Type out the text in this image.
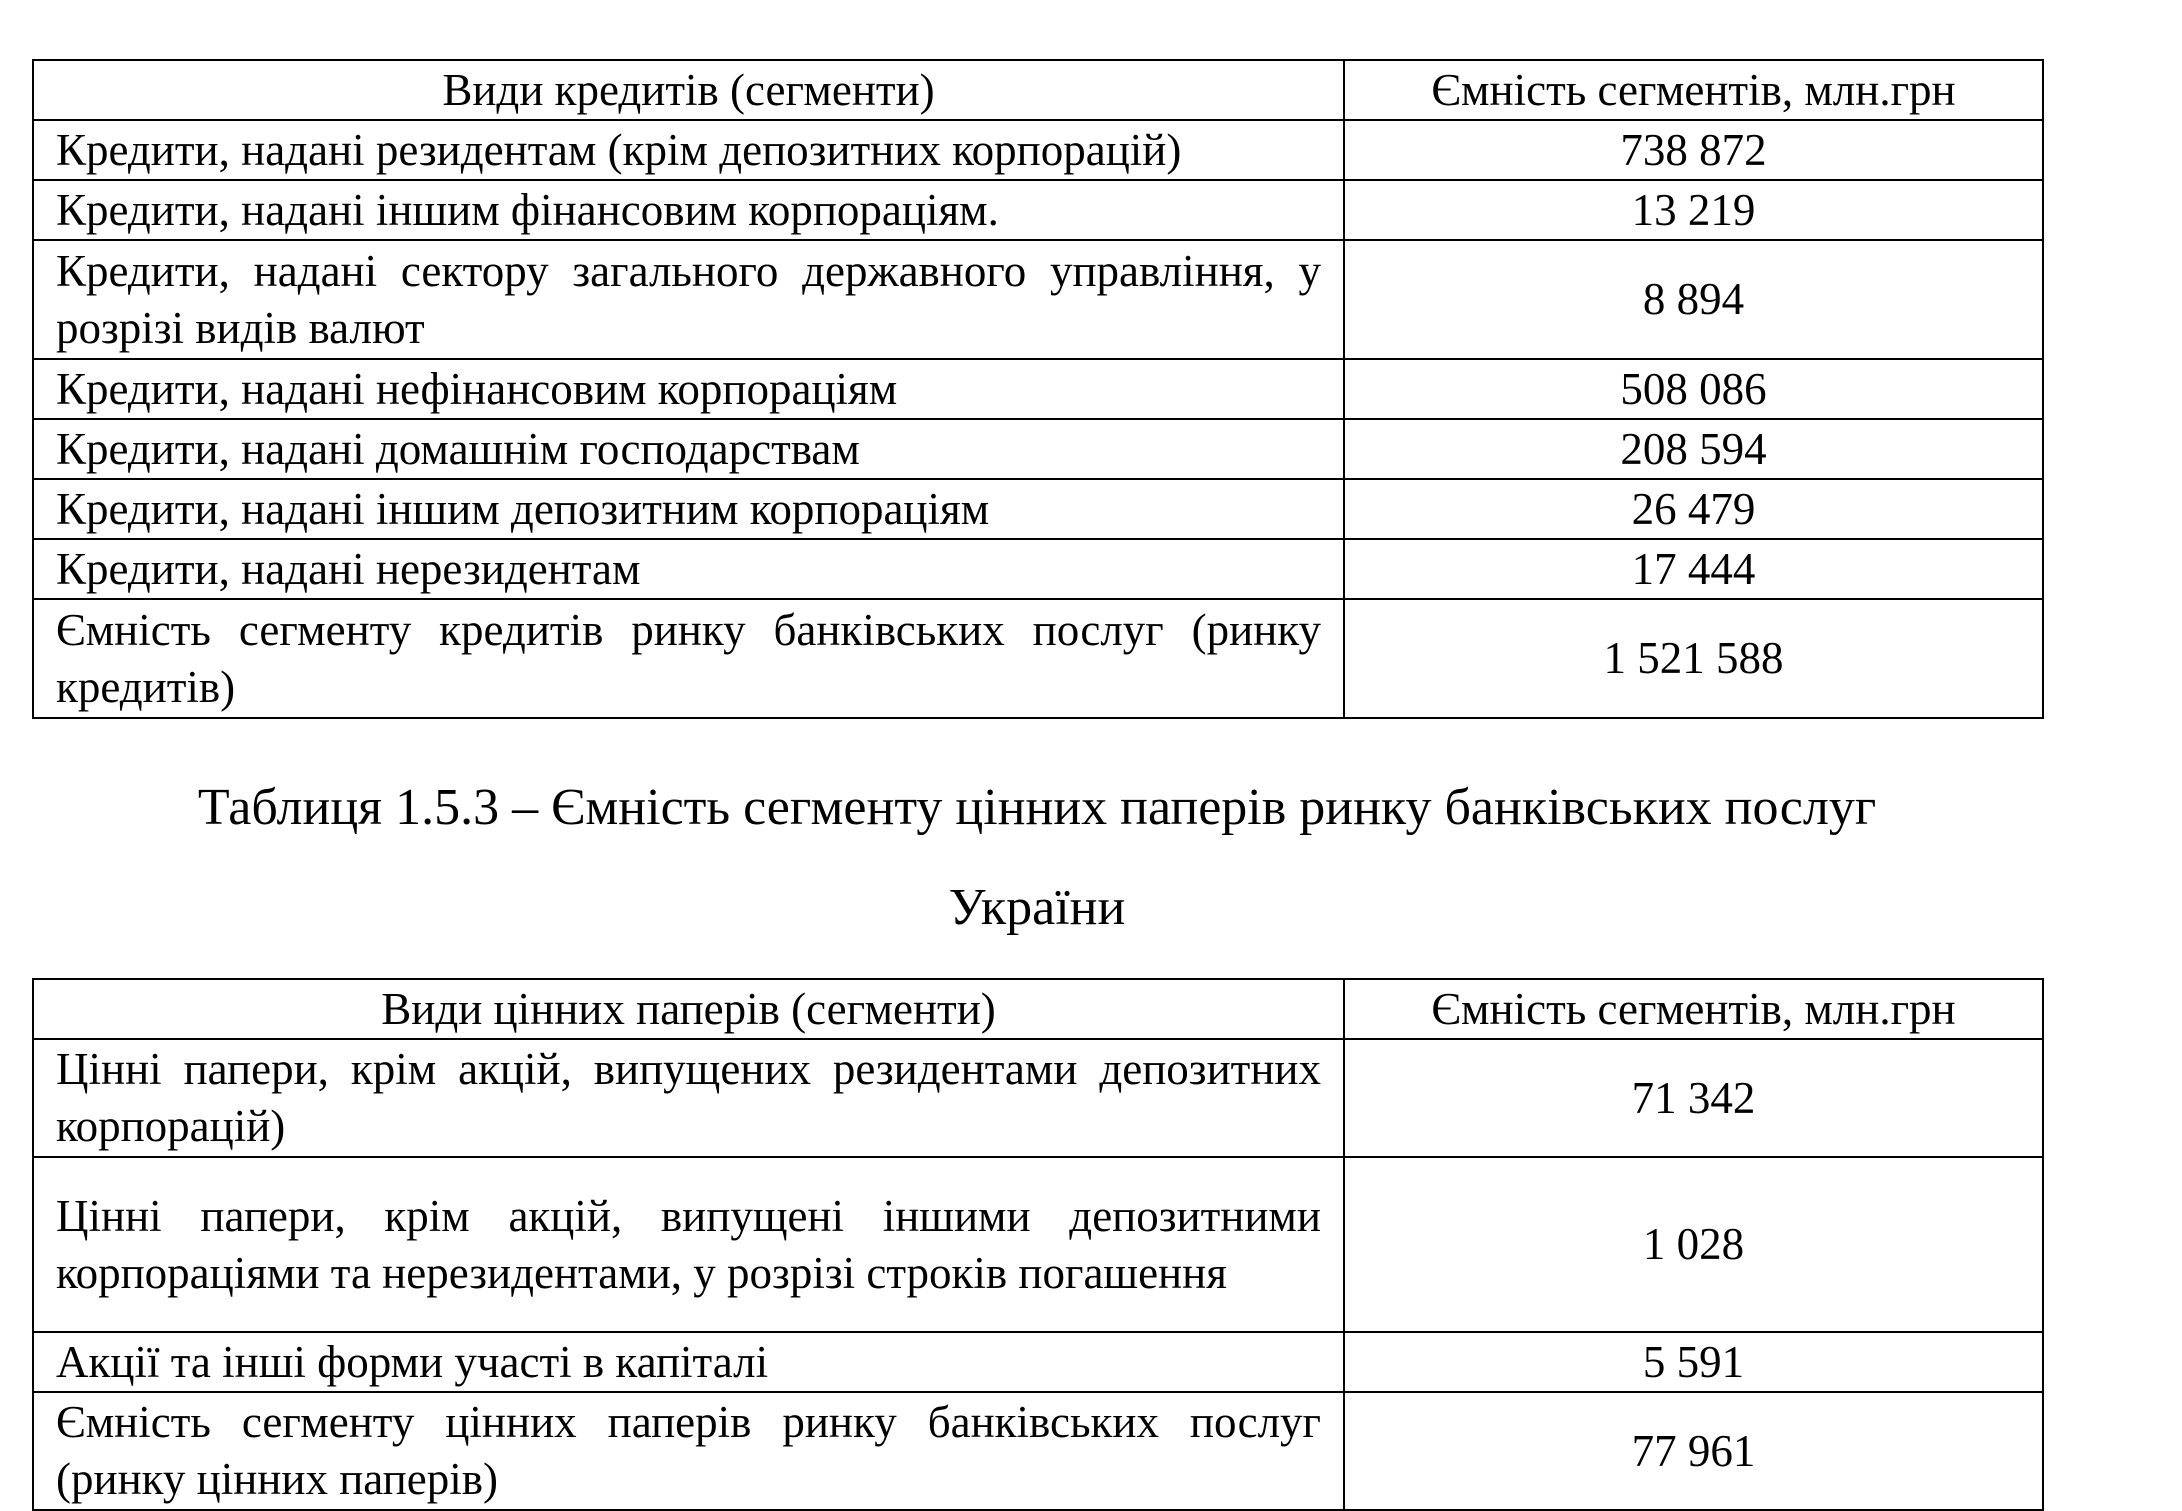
Види кредитів (сегменти)	Ємність сегментів, млн.грн
Кредити, надані резидентам (крім депозитних корпорацій)	738 872
Кредити, надані іншим фінансовим корпораціям.	13 219
Кредити, надані сектору загального державного управління, у розрізі видів валют	8 894
Кредити, надані нефінансовим корпораціям	508 086
Кредити, надані домашнім господарствам	208 594
Кредити, надані іншим депозитним корпораціям	26 479
Кредити, надані нерезидентам	17 444
Ємність сегменту кредитів ринку банківських послуг (ринку кредитів)	1 521 588

Таблиця 1.5.3 – Ємність сегменту цінних паперів ринку банківських послуг

України

Види цінних паперів (сегменти)	Ємність сегментів, млн.грн
Цінні папери, крім акцій, випущених резидентами депозитних корпорацій)	71 342
Цінні папери, крім акцій, випущені іншими депозитними корпораціями та нерезидентами, у розрізі строків погашення	1 028
Акції та інші форми участі в капіталі	5 591
Ємність сегменту цінних паперів ринку банківських послуг (ринку цінних паперів)	77 961
